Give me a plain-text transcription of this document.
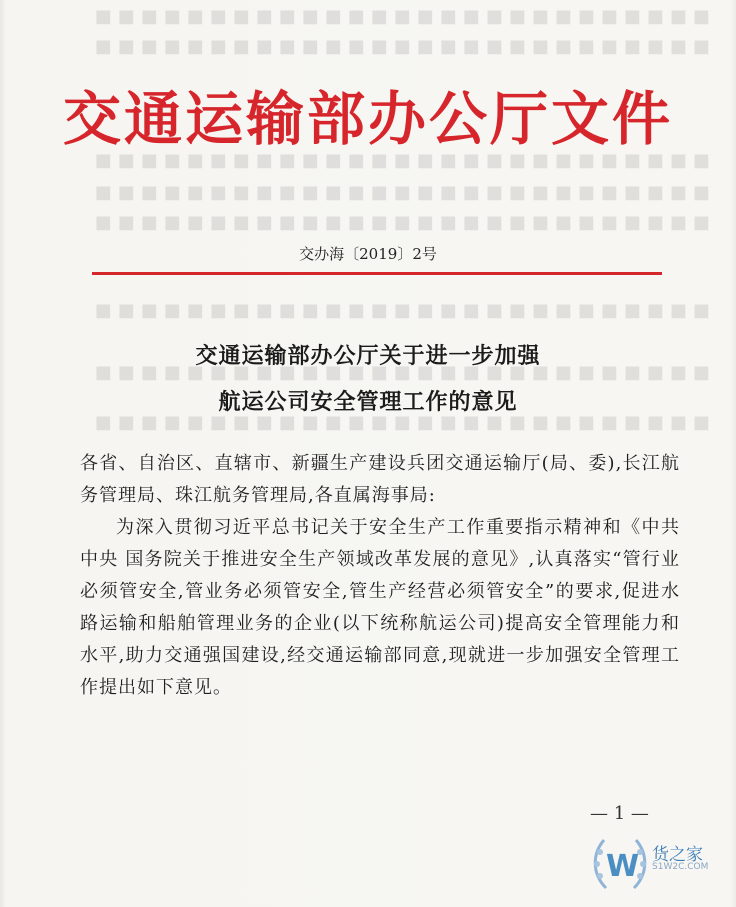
■■■■■■■■■■■■■■■■■■■■■■■■■■■
■■■■■■■■■■■■■■■■■■■■■■■■■■■
■■■■■■■■■■■■■■■■■■■■■■■■■■■
■■■■■■■■■■■■■■■■■■■■■■■■■■■
■■■■■■■■■■■■■■■■■■■■■■■■■■■
■■■■■■■■■■■■■■■■■■■■■■■■■■■
■■■■■■■■■■■■■■■■■■■■■■■■■■■
■■■■■■■■■■■■■■■■■■■■■■■■■■■
交通运输部办公厅文件
交办海〔2019〕2号
交通运输部办公厅关于进一步加强
航运公司安全管理工作的意见

各省、自治区、直辖市、新疆生产建设兵团交通运输厅(局、委),长江航务管理局、珠江航务管理局,各直属海事局:

为深入贯彻习近平总书记关于安全生产工作重要指示精神和《中共中央 国务院关于推进安全生产领域改革发展的意见》,认真落实“管行业必须管安全,管业务必须管安全,管生产经营必须管安全”的要求,促进水路运输和船舶管理业务的企业(以下统称航运公司)提高安全管理能力和水平,助力交通强国建设,经交通运输部同意,现就进一步加强安全管理工作提出如下意见。

— 1 —
W 货之家
S1W2C.COM
